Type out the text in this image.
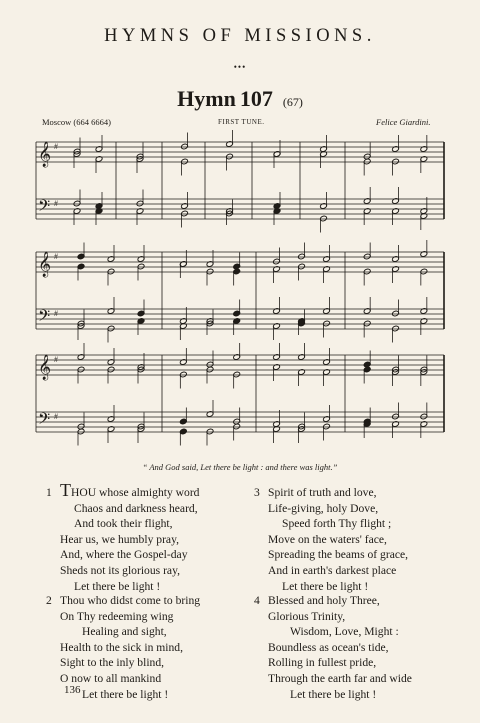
HYMNS OF MISSIONS.
•••
Hymn 107 (67)
Moscow (664 6664)	FIRST TUNE.	Felice Giardini.
𝄞 #
𝄢 #
𝄞 #
𝄢 #
𝄞 #
𝄢 #
“ And God said, Let there be light : and there was light.”
1 THOU whose almighty word
Chaos and darkness heard,
And took their flight,
Hear us, we humbly pray,
And, where the Gospel-day
Sheds not its glorious ray,
Let there be light !
2 Thou who didst come to bring
On Thy redeeming wing
Healing and sight,
Health to the sick in mind,
Sight to the inly blind,
O now to all mankind
Let there be light !
3 Spirit of truth and love,
Life-giving, holy Dove,
Speed forth Thy flight ;
Move on the waters' face,
Spreading the beams of grace,
And in earth's darkest place
Let there be light !
4 Blessed and holy Three,
Glorious Trinity,
Wisdom, Love, Might :
Boundless as ocean's tide,
Rolling in fullest pride,
Through the earth far and wide
Let there be light !
136
